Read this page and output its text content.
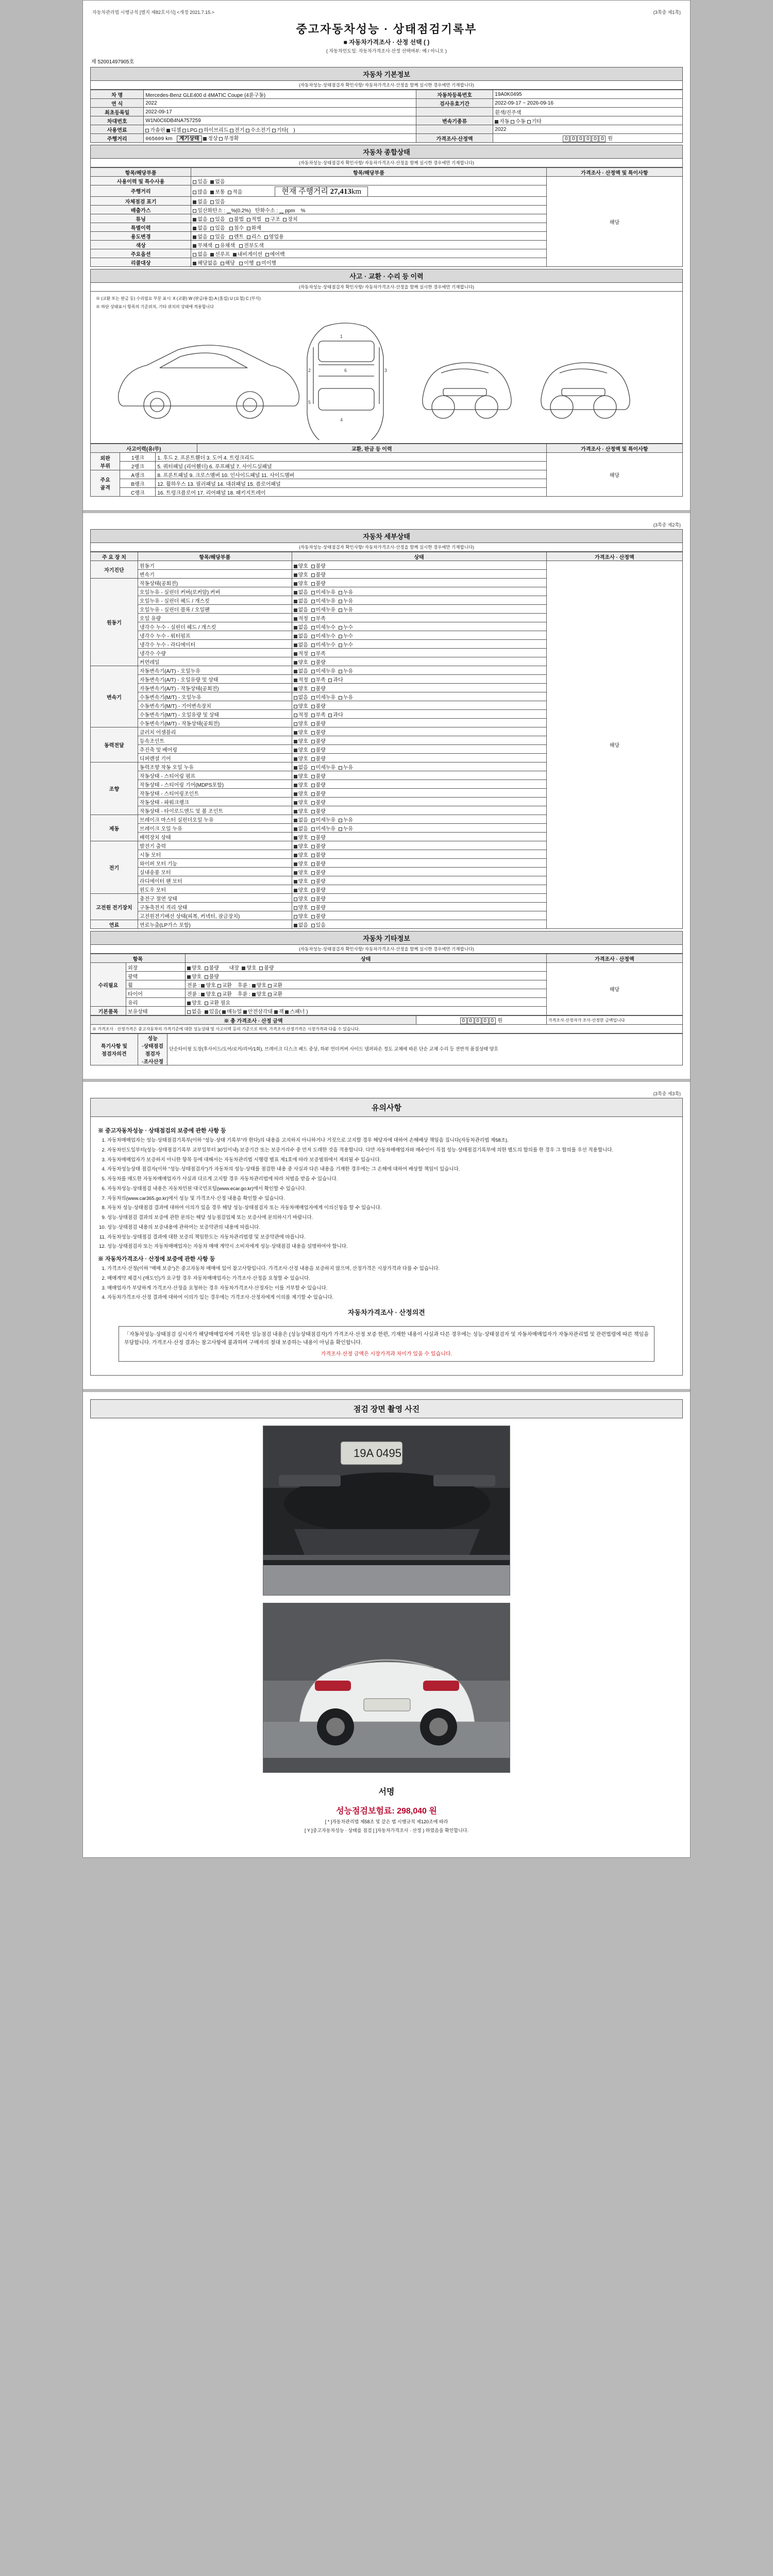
자동차관리법 시행규칙 [별지 제82호서식] <개정 2021.7.15.>	(3쪽중 제1쪽)
중고자동차성능 · 상태점검기록부
■ 자동차가격조사 · 산정 선택 ( )
( 자동차인도일: 자동차가격조사·산정 선택여부: 예 / 아니오 )
제 52001497905호
자동차 기본정보
(자동차성능·상태점검자 확인사항/ 자동차가격조사·산정을 함께 실시한 경우에만 기재합니다)
차 명	Mercedes-Benz GLE400 d 4MATIC Coupe (4륜구동)	자동차등록번호	19A0K0495
연 식	2022	검사유효기간	2022-09-17 ~ 2026-09-16
최초등록일	2022-09-17		흰색/진주색
차대번호	W1N0C6DB4NA757259	변속기종류	자동 수동 기타
사용연료	가솔린 디젤 LPG 하이브리드 전기 수소전기 기타(　)		2022
주행거리	065609 km   계기상태 정상 부정확	가격조사·산정액	0 0 0 0 0 0 원
자동차 종합상태
(자동차성능·상태점검자 확인사항/ 자동차가격조사·산정을 함께 실시한 경우에만 기재합니다)
항목/해당부품	항목/해당부품	가격조사 · 산정액 및 특이사항
사용이력 및 특수사용	있음  없음	해당
주행거리	많음  보통  적음 현재 주행거리 27,413km	
자체점검 표기	없음  있음	
배출가스	일산화탄소 :    %(0.2%)   탄화수소 :     ppm    %	
튜닝	없음  있음   불법  적법   구조  장치	
특별이력	없음  있음   침수  화재	
용도변경	없음  있음   렌트  리스  영업용	
색상	무채색  유채색   전부도색	
주요옵션	없음  선루프  내비게이션  에어백	
리콜대상	해당없음  해당   이행  미이행	
사고 · 교환 · 수리 등 이력
(자동차성능·상태점검자 확인사항/ 자동차가격조사·산정을 함께 실시한 경우에만 기재합니다)
※ (교환 또는 판금 등) 수리필요 부분 표시: X (교환) W (판금/용접) A (흠집) U (요철) C (부식)
※ 하단 상태표시 항목의 기준위치, 기타 위치의 상태에 적용합니다
1
2	3
4
5
6
사고이력(유/무)			교환, 판금 등 이력	가격조사 · 산정액 및 특이사항
외판
부위	1랭크	1. 후드 2. 프론트휀더 3. 도어 4. 트렁크리드		해당
	2랭크	5. 쿼터패널 (리어휀더) 6. 루프패널 7. 사이드실패널		
주요
골격	A랭크	8. 프론트패널 9. 크로스멤버 10. 인사이드패널 11. 사이드멤버		
	B랭크	12. 휠하우스 13. 필러패널 14. 대쉬패널 15. 플로어패널		
	C랭크	16. 트렁크플로어 17. 리어패널 18. 패키지트레이		
(3쪽중 제2쪽)
자동차 세부상태
(자동차성능·상태점검자 확인사항/ 자동차가격조사·산정을 함께 실시한 경우에만 기재합니다)
주 요 장 치	항목/해당부품	상태	가격조사 · 산정액
자기진단	원동기	양호  불량	해당
	변속기	양호  불량	
원동기	작동상태(공회전)	양호  불량	
	오일누유 - 실린더 커버(로커암) 커버	없음  미세누유  누유	
	오일누유 - 실린더 헤드 / 개스킷	없음  미세누유  누유	
	오일누유 - 실린더 블록 / 오일팬	없음  미세누유  누유	
	오일 유량	적정  부족	
	냉각수 누수 - 실린더 헤드 / 개스킷	없음  미세누수  누수	
	냉각수 누수 - 워터펌프	없음  미세누수  누수	
	냉각수 누수 - 라디에이터	없음  미세누수  누수	
	냉각수 수량	적정  부족	
	커먼레일	양호  불량	
변속기	자동변속기(A/T) - 오일누유	없음  미세누유  누유	
	자동변속기(A/T) - 오일유량 및 상태	적정  부족  과다	
	자동변속기(A/T) - 작동상태(공회전)	양호  불량	
	수동변속기(M/T) - 오일누유	없음  미세누유  누유	
	수동변속기(M/T) - 기어변속장치	양호  불량	
	수동변속기(M/T) - 오일유량 및 상태	적정  부족  과다	
	수동변속기(M/T) - 작동상태(공회전)	양호  불량	
동력전달	클러치 어셈블리	양호  불량	
	등속조인트	양호  불량	
	추진축 및 베어링	양호  불량	
	디퍼렌셜 기어	양호  불량	
조향	동력조향 작동 오일 누유	없음  미세누유  누유	
	작동상태 - 스티어링 펌프	양호  불량	
	작동상태 - 스티어링 기어(MDPS포함)	양호  불량	
	작동상태 - 스티어링조인트	양호  불량	
	작동상태 - 파워크랭크	양호  불량	
	작동상태 - 타이로드엔드 및 볼 조인트	양호  불량	
제동	브레이크 마스터 실린더오일 누유	없음  미세누유  누유	
	브레이크 오일 누유	없음  미세누유  누유	
	배력장치 상태	양호  불량	
전기	발전기 출력	양호  불량	
	시동 모터	양호  불량	
	와이퍼 모터 기능	양호  불량	
	실내송풍 모터	양호  불량	
	라디에이터 팬 모터	양호  불량	
	윈도우 모터	양호  불량	
고전원 전기장치	충전구 절연 상태	양호  불량	
	구동축전지 격리 상태	양호  불량	
	고전원전기배선 상태(피복, 커넥터, 잠금장치)	양호  불량	
연료	연료누출(LP가스 포함)	없음  있음	
자동차 기타정보
(자동차성능·상태점검자 확인사항/ 자동차가격조사·산정을 함께 실시한 경우에만 기재합니다)
항목		상태	가격조사 · 산정액
수리필요	외장	양호  불량       내장  양호  불량	해당
	광택	양호  불량	
	휠	전륜 : 양호 교환    후륜 : 양호 교환	
	타이어	전륜 : 양호 교환    후륜 : 양호 교환	
	유리	양호  교환 필요	
기본품목	보유상태	없음  있음( 매뉴얼 안전삼각대 잭 스패너 )	
※ 총 가격조사 · 산정 금액	0 0 0 0 0 원	가격조사·산정자가 조사·산정한 금액입니다
※ 가격조사 · 산정가격은 중고자동차의 가격기준에 대한 성능상태 및 사고이력 등의 기준으로 하며, 가격조사·산정가격은 시장가격과 다를 수 있습니다.
특기사항 및
점검자의견	성능
·상태점검
점검자
·조사산정	단순타이핑 도장(후사이드/도어/로커/리어/1회), 브레이크 디스크 패드 중상, 하부 언더커버 사이드 댐퍼파손 정도 교체에 따른 단순 교체 수리 등 전반적 품질상태 양호
(3쪽중 제3쪽)
유의사항
※ 중고자동차성능 · 상태점검의 보증에 관한 사항 등
1. 자동차매매업자는 성능·상태점검기록부(이하 "성능·상태 기록부"라 한다)의 내용을 고지하지 아니하거나 거짓으로 고지할 경우 해당자에 대하여 손해배상 책임을 집니다(자동차관리법 제58조).
2. 자동차인도일부터(성능·상태점검기록부 교부일부터 30일이내) 보증기간 또는 보증거리수 중 먼저 도래한 것을 적용합니다. 다만 자동차매매업자와 매수인이 직접 성능·상태점검기록부에 의한 별도의 합의를 한 경우 그 합의를 우선 적용합니다.
3. 자동차매매업자가 보증하지 아니한 항목 등에 대해서는 자동차관리법 시행령 별표 제1호에 따라 보증범위에서 제외될 수 있습니다.
4. 자동차성능상태 점검자(이하 "성능·상태점검자")가 자동차의 성능·상태를 점검한 내용 중 사실과 다른 내용을 기재한 경우에는 그 손해에 대하여 배상할 책임이 있습니다.
5. 자동차를 매도한 자동차매매업자가 사실과 다르게 고지할 경우 자동차관리법에 따라 처벌을 받을 수 있습니다.
6. 자동차성능·상태점검 내용은 자동차민원 대국민포털(www.ecar.go.kr)에서 확인할 수 있습니다.
7. 자동차의(www.car365.go.kr)에서 성능 및 가격조사·산정 내용을 확인할 수 있습니다.
8. 자동차 성능·상태점검 결과에 대하여 이의가 있을 경우 해당 성능·상태점검자 또는 자동차매매업자에게 이의신청을 할 수 있습니다.
9. 성능·상태점검 결과의 보증에 관한 문의는 해당 성능점검업체 또는 보증사에 문의하시기 바랍니다.
10. 성능·상태점검 내용의 보증내용에 관하여는 보증약관의 내용에 따릅니다.
11. 자동차성능·상태점검 결과에 대한 보증의 책임한도는 자동차관리법령 및 보증약관에 따릅니다.
12. 성능·상태점검자 또는 자동차매매업자는 자동차 매매 계약시 소비자에게 성능·상태점검 내용을 설명하여야 합니다.
※ 자동차가격조사 · 산정에 보증에 관한 사항 등
1. 가격조사·산정(이하 "매매 보증")은 중고자동차 매매에 있어 참고사항입니다. 가격조사·산정 내용을 보증하지 않으며, 산정가격은 시장가격과 다를 수 있습니다.
2. 매매계약 체결시 (매도인)가 요구할 경우 자동차매매업자는 가격조사·산정을 요청할 수 있습니다.
3. 매매업자가 부당하게 가격조사·산정을 요청하는 경우 자동차가격조사·산정자는 이를 거부할 수 있습니다.
4. 자동차가격조사·산정 결과에 대하여 이의가 있는 경우에는 가격조사·산정자에게 이의를 제기할 수 있습니다.
자동차가격조사 · 산정의견
「자동차성능·상태점검 실시자가 해당매매업자에 기록한 성능점검 내용은 (성능상태점검자)가 가격조사·산정 보증 한편, 기재한 내용이 사실과 다른 경우에는 성능·상태점검자 및 자동차매매업자가 자동차관리법 및 관련법령에 따른 책임을 부담합니다. 가격조사·산정 결과는 참고사항에 불과하며 구매자의 절대 보증하는 내용이 아님을 확인합니다.
가격조사·산정 금액은 시장가격과 차이가 있을 수 있습니다.
점검 장면 촬영 사진
19A 0495
서명
성능점검보험료: 298,040 원
[ * ]자동차관리법 제58조 및 같은 법 시행규칙 제120조에 따라
[ Y ]중고자동차성능 · 상태를 점검 [ ]자동차가격조사 · 산정 ) 하였음을 확인합니다.
